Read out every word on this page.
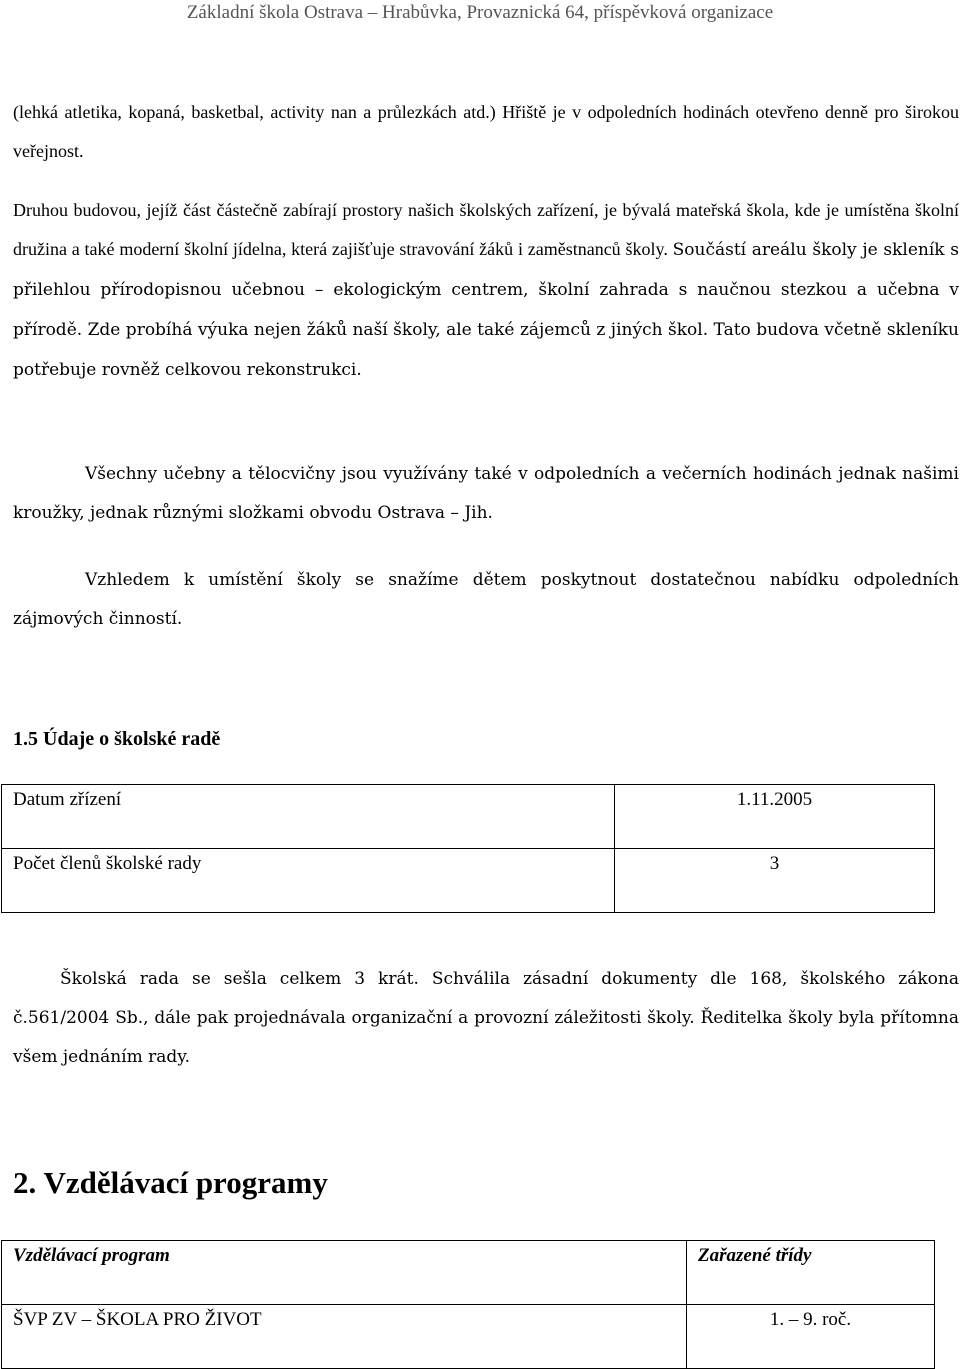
Základní škola Ostrava – Hrabůvka, Provaznická 64, příspěvková organizace
(lehká atletika, kopaná, basketbal, activity nan a průlezkách atd.) Hřiště je v odpoledních hodinách otevřeno denně pro širokou veřejnost.
Druhou budovou, jejíž část částečně zabírají prostory našich školských zařízení, je bývalá mateřská škola, kde je umístěna školní družina a také moderní školní jídelna, která zajišťuje stravování žáků i zaměstnanců školy. Součástí areálu školy je skleník s přilehlou přírodopisnou učebnou – ekologickým centrem, školní zahrada s naučnou stezkou a učebna v přírodě. Zde probíhá výuka nejen žáků naší školy, ale také zájemců z jiných škol. Tato budova včetně skleníku potřebuje rovněž celkovou rekonstrukci.
Všechny učebny a tělocvičny jsou využívány také v odpoledních a večerních hodinách jednak našimi kroužky, jednak různými složkami obvodu Ostrava – Jih.
Vzhledem k umístění školy se snažíme dětem poskytnout dostatečnou nabídku odpoledních zájmových činností.
1.5 Údaje o školské radě
Datum zřízení	1.11.2005
Počet členů školské rady	3
Školská rada se sešla celkem 3 krát. Schválila zásadní dokumenty dle 168, školského zákona č.561/2004 Sb., dále pak projednávala organizační a provozní záležitosti školy. Ředitelka školy byla přítomna všem jednáním rady.
2. Vzdělávací programy
Vzdělávací program	Zařazené třídy
ŠVP ZV – ŠKOLA PRO ŽIVOT	1. – 9. roč.
